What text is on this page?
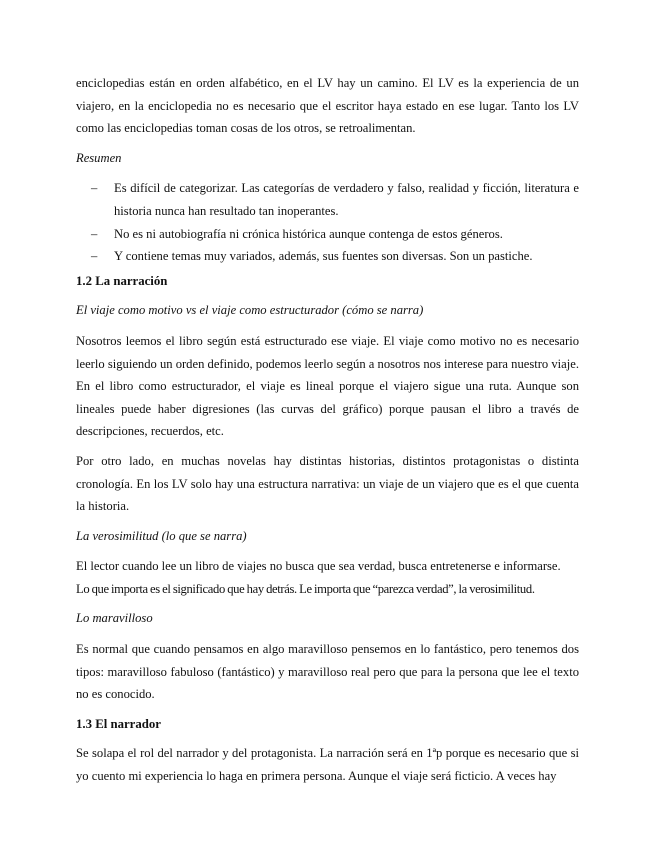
enciclopedias están en orden alfabético, en el LV hay un camino. El LV es la experiencia de un viajero, en la enciclopedia no es necesario que el escritor haya estado en ese lugar. Tanto los LV como las enciclopedias toman cosas de los otros, se retroalimentan.

Resumen
– Es difícil de categorizar. Las categorías de verdadero y falso, realidad y ficción, literatura e historia nunca han resultado tan inoperantes.
– No es ni autobiografía ni crónica histórica aunque contenga de estos géneros.
– Y contiene temas muy variados, además, sus fuentes son diversas. Son un pastiche.
1.2 La narración
El viaje como motivo vs el viaje como estructurador (cómo se narra)

Nosotros leemos el libro según está estructurado ese viaje. El viaje como motivo no es necesario leerlo siguiendo un orden definido, podemos leerlo según a nosotros nos interese para nuestro viaje. En el libro como estructurador, el viaje es lineal porque el viajero sigue una ruta. Aunque son lineales puede haber digresiones (las curvas del gráfico) porque pausan el libro a través de descripciones, recuerdos, etc.

Por otro lado, en muchas novelas hay distintas historias, distintos protagonistas o distinta cronología. En los LV solo hay una estructura narrativa: un viaje de un viajero que es el que cuenta la historia.

La verosimilitud (lo que se narra)

El lector cuando lee un libro de viajes no busca que sea verdad, busca entretenerse e informarse.
Lo que importa es el significado que hay detrás. Le importa que “parezca verdad”, la verosimilitud.

Lo maravilloso

Es normal que cuando pensamos en algo maravilloso pensemos en lo fantástico, pero tenemos dos tipos: maravilloso fabuloso (fantástico) y maravilloso real pero que para la persona que lee el texto no es conocido.

1.3 El narrador

Se solapa el rol del narrador y del protagonista. La narración será en 1ªp porque es necesario que si yo cuento mi experiencia lo haga en primera persona. Aunque el viaje será ficticio. A veces hay
